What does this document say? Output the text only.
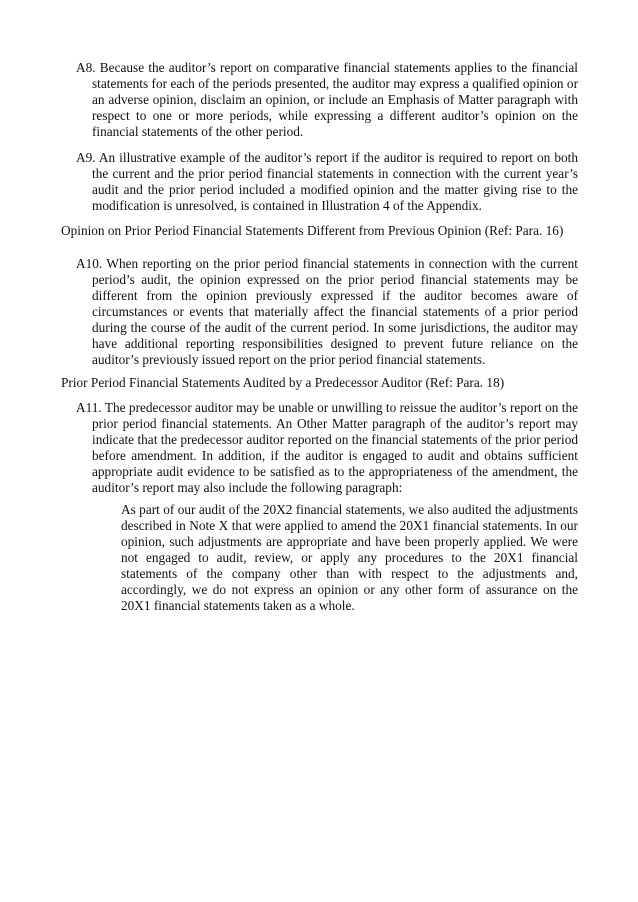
A8. Because the auditor’s report on comparative financial statements applies to the financial statements for each of the periods presented, the auditor may express a qualified opinion or an adverse opinion, disclaim an opinion, or include an Emphasis of Matter paragraph with respect to one or more periods, while expressing a different auditor’s opinion on the financial statements of the other period.

A9. An illustrative example of the auditor’s report if the auditor is required to report on both the current and the prior period financial statements in connection with the current year’s audit and the prior period included a modified opinion and the matter giving rise to the modification is unresolved, is contained in Illustration 4 of the Appendix.

Opinion on Prior Period Financial Statements Different from Previous Opinion (Ref: Para. 16)

A10. When reporting on the prior period financial statements in connection with the current period’s audit, the opinion expressed on the prior period financial statements may be different from the opinion previously expressed if the auditor becomes aware of circumstances or events that materially affect the financial statements of a prior period during the course of the audit of the current period. In some jurisdictions, the auditor may have additional reporting responsibilities designed to prevent future reliance on the auditor’s previously issued report on the prior period financial statements.

Prior Period Financial Statements Audited by a Predecessor Auditor (Ref: Para. 18)

A11. The predecessor auditor may be unable or unwilling to reissue the auditor’s report on the prior period financial statements. An Other Matter paragraph of the auditor’s report may indicate that the predecessor auditor reported on the financial statements of the prior period before amendment. In addition, if the auditor is engaged to audit and obtains sufficient appropriate audit evidence to be satisfied as to the appropriateness of the amendment, the auditor’s report may also include the following paragraph:

As part of our audit of the 20X2 financial statements, we also audited the adjustments described in Note X that were applied to amend the 20X1 financial statements. In our opinion, such adjustments are appropriate and have been properly applied. We were not engaged to audit, review, or apply any procedures to the 20X1 financial statements of the company other than with respect to the adjustments and, accordingly, we do not express an opinion or any other form of assurance on the 20X1 financial statements taken as a whole.
